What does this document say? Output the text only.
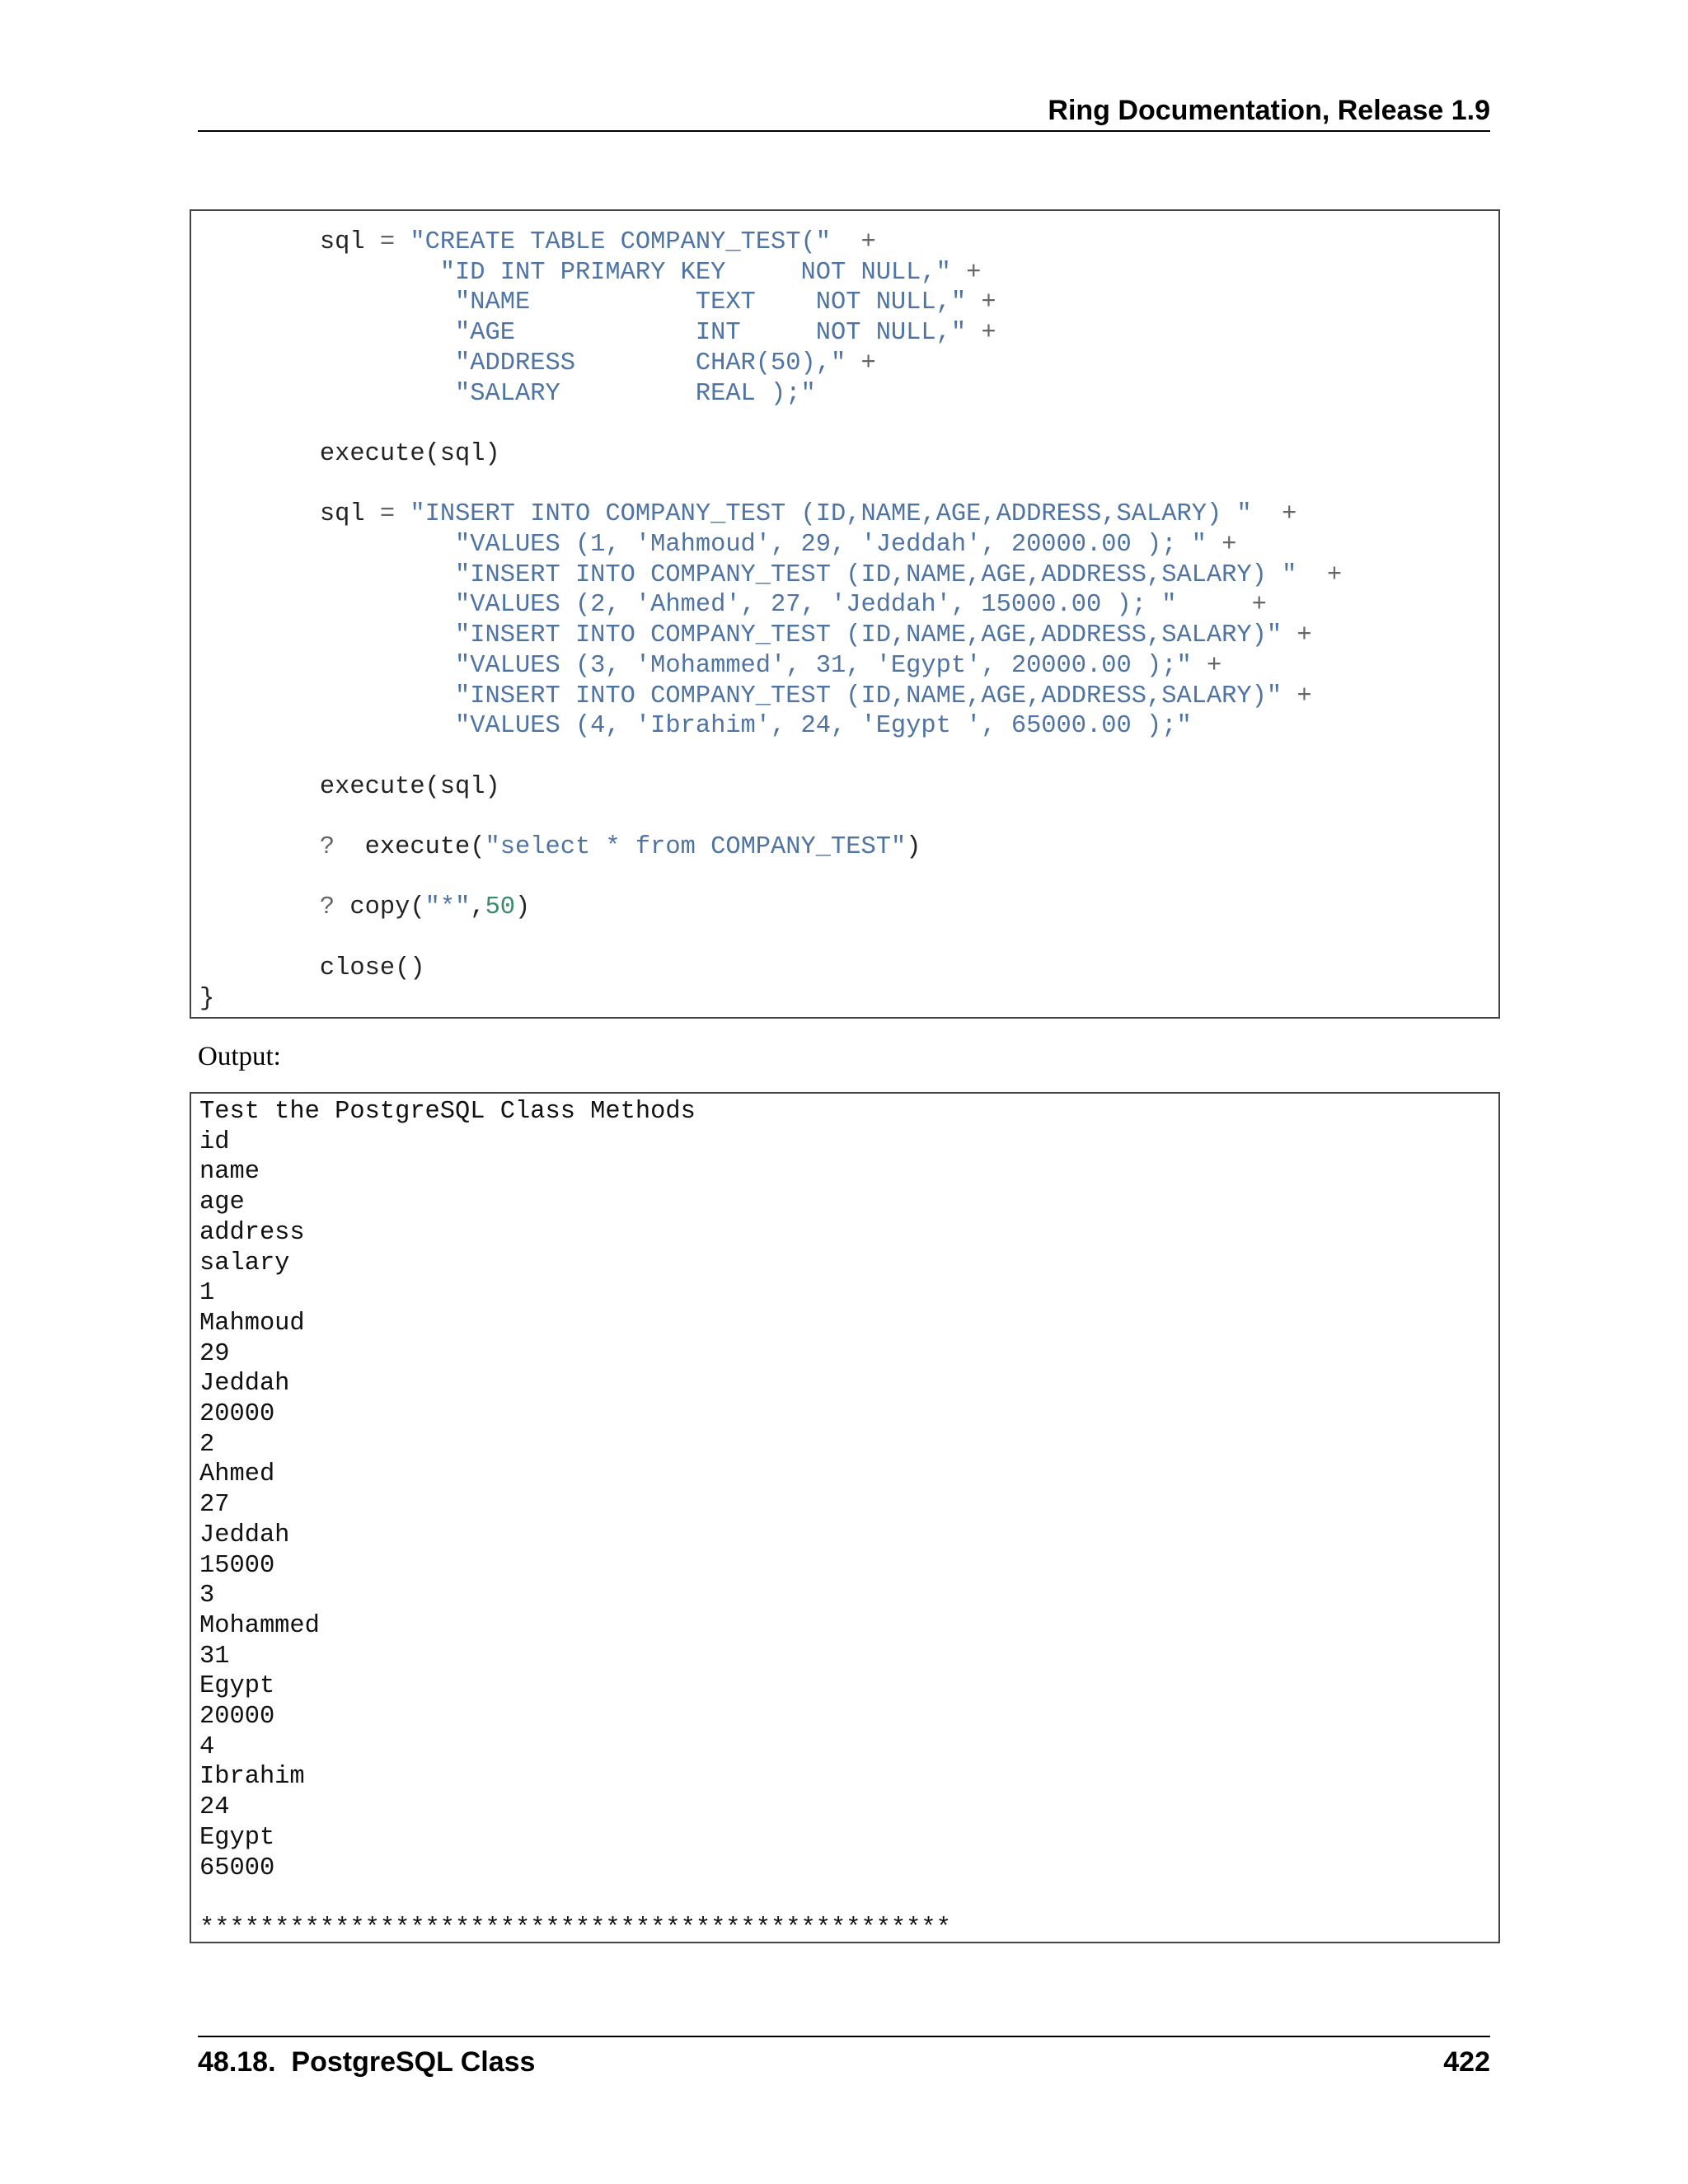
Ring Documentation, Release 1.9
sql = "CREATE TABLE COMPANY_TEST(" +
"ID INT PRIMARY KEY     NOT NULL," +
"NAME           TEXT    NOT NULL," +
"AGE            INT     NOT NULL," +
"ADDRESS        CHAR(50)," +
"SALARY         REAL );"

execute(sql)

sql = "INSERT INTO COMPANY_TEST (ID,NAME,AGE,ADDRESS,SALARY) " +
"VALUES (1, 'Mahmoud', 29, 'Jeddah', 20000.00 ); " +
"INSERT INTO COMPANY_TEST (ID,NAME,AGE,ADDRESS,SALARY) " +
"VALUES (2, 'Ahmed', 27, 'Jeddah', 15000.00 ); "	+
"INSERT INTO COMPANY_TEST (ID,NAME,AGE,ADDRESS,SALARY)" +
"VALUES (3, 'Mohammed', 31, 'Egypt', 20000.00 );" +
"INSERT INTO COMPANY_TEST (ID,NAME,AGE,ADDRESS,SALARY)" +
"VALUES (4, 'Ibrahim', 24, 'Egypt ', 65000.00 );"

execute(sql)

?  execute("select * from COMPANY_TEST")

? copy("*",50)

close()
}

Output:
Test the PostgreSQL Class Methods
id
name
age
address
salary
1
Mahmoud
29
Jeddah
20000
2
Ahmed
27
Jeddah
15000
3
Mohammed
31
Egypt
20000
4
Ibrahim
24
Egypt
65000

**************************************************

48.18.  PostgreSQL Class	422
